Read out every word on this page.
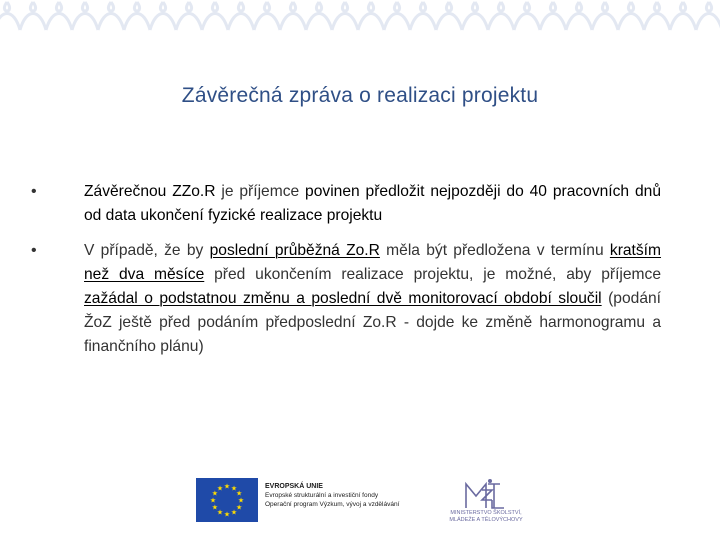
Závěrečná zpráva o realizaci projektu
• Závěrečnou ZZo.R je příjemce povinen předložit nejpozději do 40 pracovních dnů od data ukončení fyzické realizace projektu
• V případě, že by poslední průběžná Zo.R měla být předložena v termínu kratším než dva měsíce před ukončením realizace projektu, je možné, aby příjemce zažádal o podstatnou změnu a poslední dvě monitorovací období sloučil (podání ŽoZ ještě před podáním předposlední Zo.R - dojde ke změně harmonogramu a finančního plánu)
★
★
★
★
★
★
★
★
★ ★ ★
★
EVROPSKÁ UNIE
Evropské strukturální a investiční fondy
Operační program Výzkum, vývoj a vzdělávání
MINISTERSTVO ŠKOLSTVÍ,
MLÁDEŽE A TĚLOVÝCHOVY
